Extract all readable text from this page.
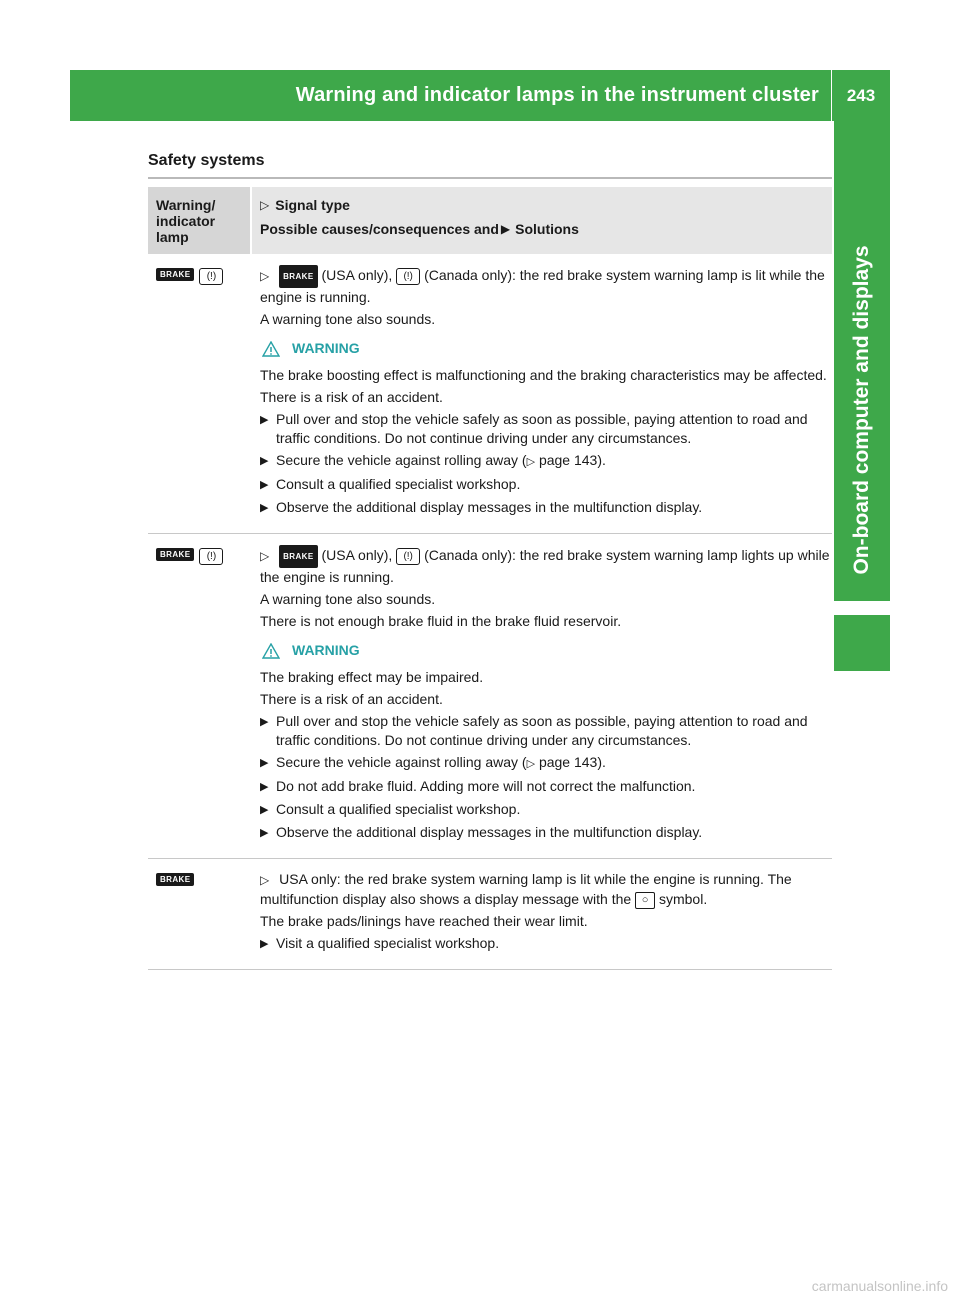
Warning and indicator lamps in the instrument cluster	243
On-board computer and displays
Safety systems
Warning/ indicator lamp
▷ Signal type
Possible causes/consequences and ▶ Solutions
BRAKE	(!)	▷ BRAKE (USA only), (!) (Canada only): the red brake system warning lamp is lit while the engine is running.

A warning tone also sounds.

WARNING

The brake boosting effect is malfunctioning and the braking characteristics may be affected.

There is a risk of an accident.

▶ Pull over and stop the vehicle safely as soon as possible, paying attention to road and traffic conditions. Do not continue driving under any circumstances.
▶ Secure the vehicle against rolling away (▷ page 143).
▶ Consult a qualified specialist workshop.
▶ Observe the additional display messages in the multifunction display.
BRAKE	(!)	▷ BRAKE (USA only), (!) (Canada only): the red brake system warning lamp lights up while the engine is running.

A warning tone also sounds.

There is not enough brake fluid in the brake fluid reservoir.

WARNING

The braking effect may be impaired.

There is a risk of an accident.

▶ Pull over and stop the vehicle safely as soon as possible, paying attention to road and traffic conditions. Do not continue driving under any circumstances.
▶ Secure the vehicle against rolling away (▷ page 143).
▶ Do not add brake fluid. Adding more will not correct the malfunction.
▶ Consult a qualified specialist workshop.
▶ Observe the additional display messages in the multifunction display.
BRAKE	▷ USA only: the red brake system warning lamp is lit while the engine is running. The multifunction display also shows a display message with the ○ symbol.

The brake pads/linings have reached their wear limit.

▶ Visit a qualified specialist workshop.
carmanualsonline.info
